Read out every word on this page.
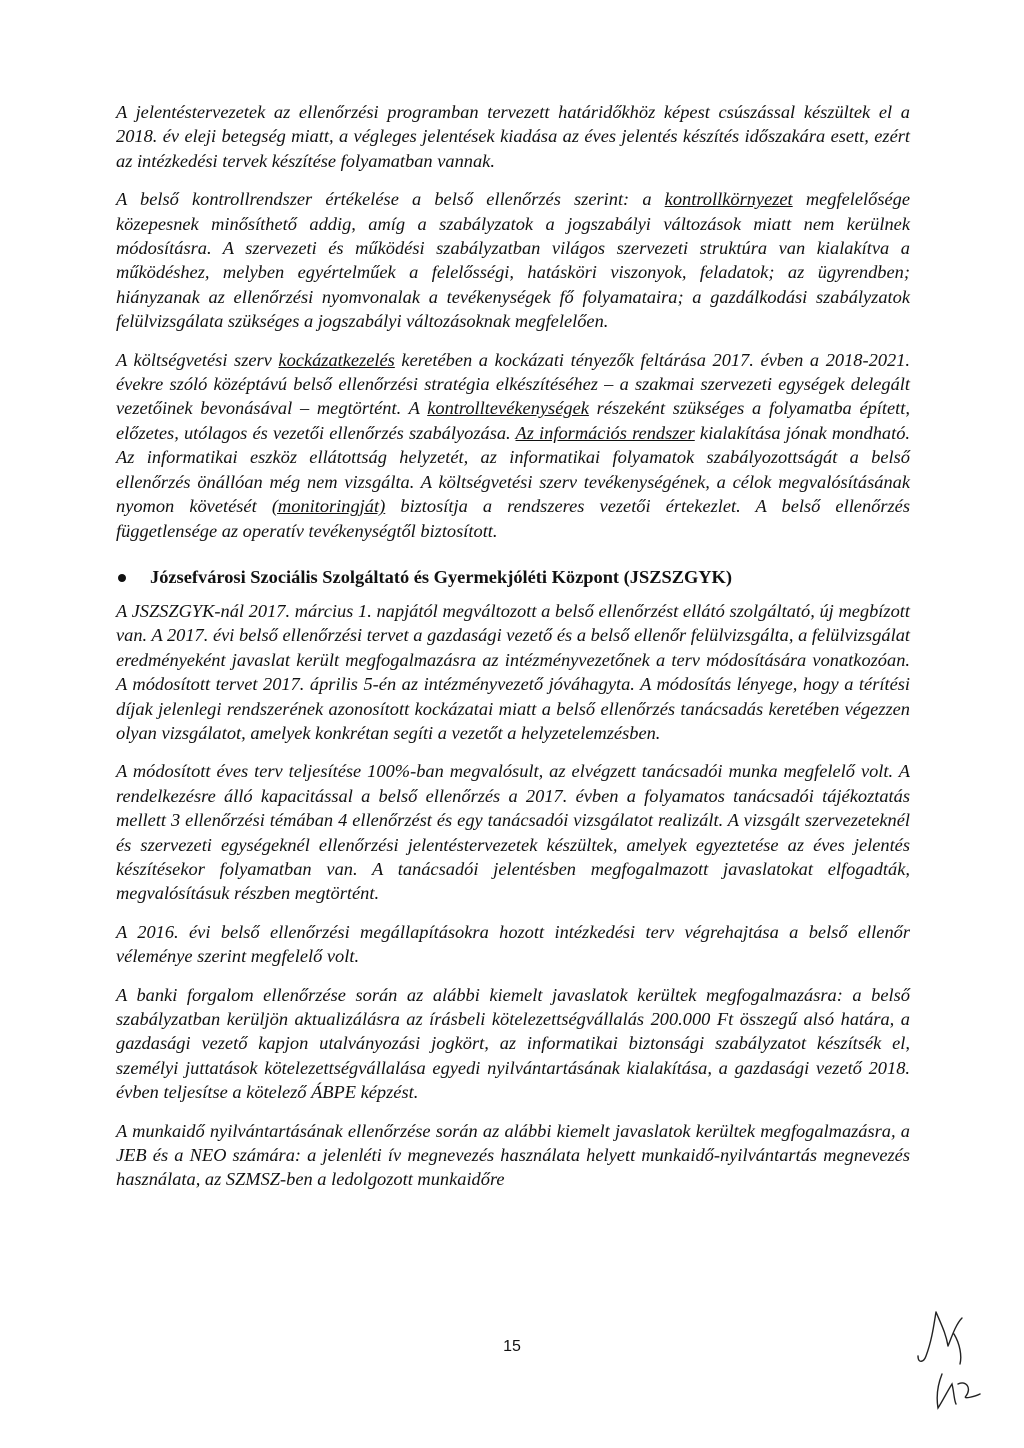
A jelentéstervezetek az ellenőrzési programban tervezett határidőkhöz képest csúszással készültek el a 2018. év eleji betegség miatt, a végleges jelentések kiadása az éves jelentés készítés időszakára esett, ezért az intézkedési tervek készítése folyamatban vannak.

A belső kontrollrendszer értékelése a belső ellenőrzés szerint: a kontrollkörnyezet megfelelősége közepesnek minősíthető addig, amíg a szabályzatok a jogszabályi változások miatt nem kerülnek módosításra. A szervezeti és működési szabályzatban világos szervezeti struktúra van kialakítva a működéshez, melyben egyértelműek a felelősségi, hatásköri viszonyok, feladatok; az ügyrendben; hiányzanak az ellenőrzési nyomvonalak a tevékenységek fő folyamataira; a gazdálkodási szabályzatok felülvizsgálata szükséges a jogszabályi változásoknak megfelelően.

A költségvetési szerv kockázatkezelés keretében a kockázati tényezők feltárása 2017. évben a 2018-2021. évekre szóló középtávú belső ellenőrzési stratégia elkészítéséhez – a szakmai szervezeti egységek delegált vezetőinek bevonásával – megtörtént. A kontrolltevékenységek részeként szükséges a folyamatba épített, előzetes, utólagos és vezetői ellenőrzés szabályozása. Az információs rendszer kialakítása jónak mondható. Az informatikai eszköz ellátottság helyzetét, az informatikai folyamatok szabályozottságát a belső ellenőrzés önállóan még nem vizsgálta. A költségvetési szerv tevékenységének, a célok megvalósításának nyomon követését (monitoringját) biztosítja a rendszeres vezetői értekezlet. A belső ellenőrzés függetlensége az operatív tevékenységtől biztosított.

Józsefvárosi Szociális Szolgáltató és Gyermekjóléti Központ (JSZSZGYK)

A JSZSZGYK-nál 2017. március 1. napjától megváltozott a belső ellenőrzést ellátó szolgáltató, új megbízott van. A 2017. évi belső ellenőrzési tervet a gazdasági vezető és a belső ellenőr felülvizsgálta, a felülvizsgálat eredményeként javaslat került megfogalmazásra az intézményvezetőnek a terv módosítására vonatkozóan. A módosított tervet 2017. április 5-én az intézményvezető jóváhagyta. A módosítás lényege, hogy a térítési díjak jelenlegi rendszerének azonosított kockázatai miatt a belső ellenőrzés tanácsadás keretében végezzen olyan vizsgálatot, amelyek konkrétan segíti a vezetőt a helyzetelemzésben.

A módosított éves terv teljesítése 100%-ban megvalósult, az elvégzett tanácsadói munka megfelelő volt. A rendelkezésre álló kapacitással a belső ellenőrzés a 2017. évben a folyamatos tanácsadói tájékoztatás mellett 3 ellenőrzési témában 4 ellenőrzést és egy tanácsadói vizsgálatot realizált. A vizsgált szervezeteknél és szervezeti egységeknél ellenőrzési jelentéstervezetek készültek, amelyek egyeztetése az éves jelentés készítésekor folyamatban van. A tanácsadói jelentésben megfogalmazott javaslatokat elfogadták, megvalósításuk részben megtörtént.

A 2016. évi belső ellenőrzési megállapításokra hozott intézkedési terv végrehajtása a belső ellenőr véleménye szerint megfelelő volt.

A banki forgalom ellenőrzése során az alábbi kiemelt javaslatok kerültek megfogalmazásra: a belső szabályzatban kerüljön aktualizálásra az írásbeli kötelezettségvállalás 200.000 Ft összegű alsó határa, a gazdasági vezető kapjon utalványozási jogkört, az informatikai biztonsági szabályzatot készítsék el, személyi juttatások kötelezettségvállalása egyedi nyilvántartásának kialakítása, a gazdasági vezető 2018. évben teljesítse a kötelező ÁBPE képzést.

A munkaidő nyilvántartásának ellenőrzése során az alábbi kiemelt javaslatok kerültek megfogalmazásra, a JEB és a NEO számára: a jelenléti ív megnevezés használata helyett munkaidő-nyilvántartás megnevezés használata, az SZMSZ-ben a ledolgozott munkaidőre

15
